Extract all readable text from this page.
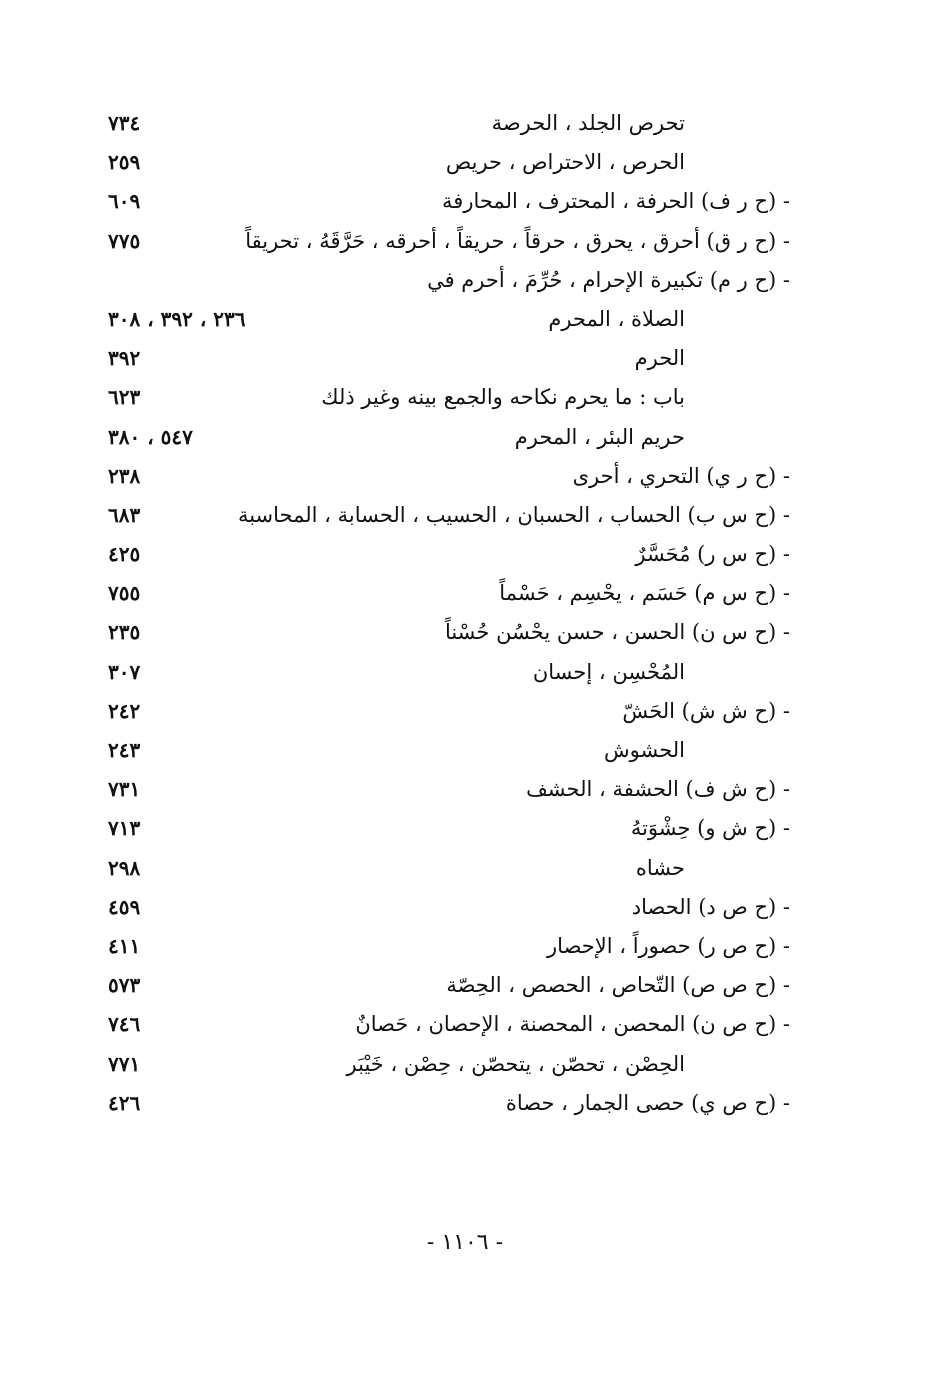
٧٣٤	تحرص الجلد ، الحرصة
٢٥٩	الحرص ، الاحتراص ، حريص
٦٠٩	- (ح ر ف) الحرفة ، المحترف ، المحارفة
٧٧٥	- (ح ر ق) أحرق ، يحرق ، حرقاً ، حريقاً ، أحرقه ، حَرَّقَهُ ، تحريقاً
- (ح ر م) تكبيرة الإحرام ، حُرِّمَ ، أحرم في
٢٣٦ ، ٣٩٢ ، ٣٠٨	الصلاة ، المحرم
٣٩٢	الحرم
٦٢٣	باب : ما يحرم نكاحه والجمع بينه وغير ذلك
٥٤٧ ، ٣٨٠	حريم البئر ، المحرم
٢٣٨	- (ح ر ي) التحري ، أحرى
٦٨٣	- (ح س ب) الحساب ، الحسبان ، الحسيب ، الحسابة ، المحاسبة
٤٢٥	- (ح س ر) مُحَسَّرٌ
٧٥٥	- (ح س م) حَسَم ، يحْسِم ، حَسْماً
٢٣٥	- (ح س ن) الحسن ، حسن يحْسُن حُسْناً
٣٠٧	المُحْسِن ، إحسان
٢٤٢	- (ح ش ش) الحَشّ
٢٤٣	الحشوش
٧٣١	- (ح ش ف) الحشفة ، الحشف
٧١٣	- (ح ش و) حِشْوَتهُ
٢٩٨	حشاه
٤٥٩	- (ح ص د) الحصاد
٤١١	- (ح ص ر) حصوراً ، الإحصار
٥٧٣	- (ح ص ص) التّحاص ، الحصص ، الحِصّة
٧٤٦	- (ح ص ن) المحصن ، المحصنة ، الإحصان ، حَصانٌ
٧٧١	الحِصْن ، تحصّن ، يتحصّن ، حِصْن ، خَيْبَر
٤٢٦	- (ح ص ي) حصى الجمار ، حصاة
- ١١٠٦ -
